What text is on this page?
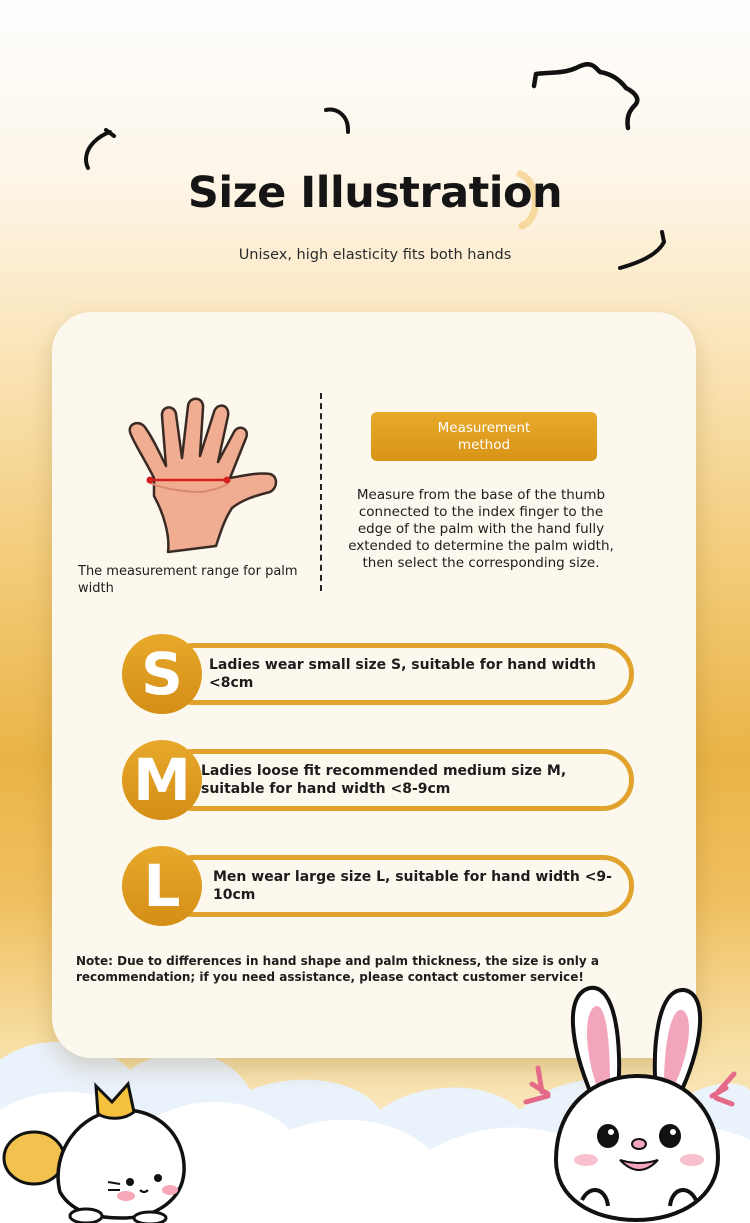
Size Illustration
Unisex, high elasticity fits both hands
The measurement range for palm width
Measurement method
Measure from the base of the thumb connected to the index finger to the edge of the palm with the hand fully extended to determine the palm width, then select the corresponding size.
S	Ladies wear small size S, suitable for hand width <8cm
M Ladies loose fit recommended medium size M, suitable for hand width <8-9cm
L	Men wear large size L, suitable for hand width <9-10cm
Note: Due to differences in hand shape and palm thickness, the size is only a recommendation; if you need assistance, please contact customer service!
